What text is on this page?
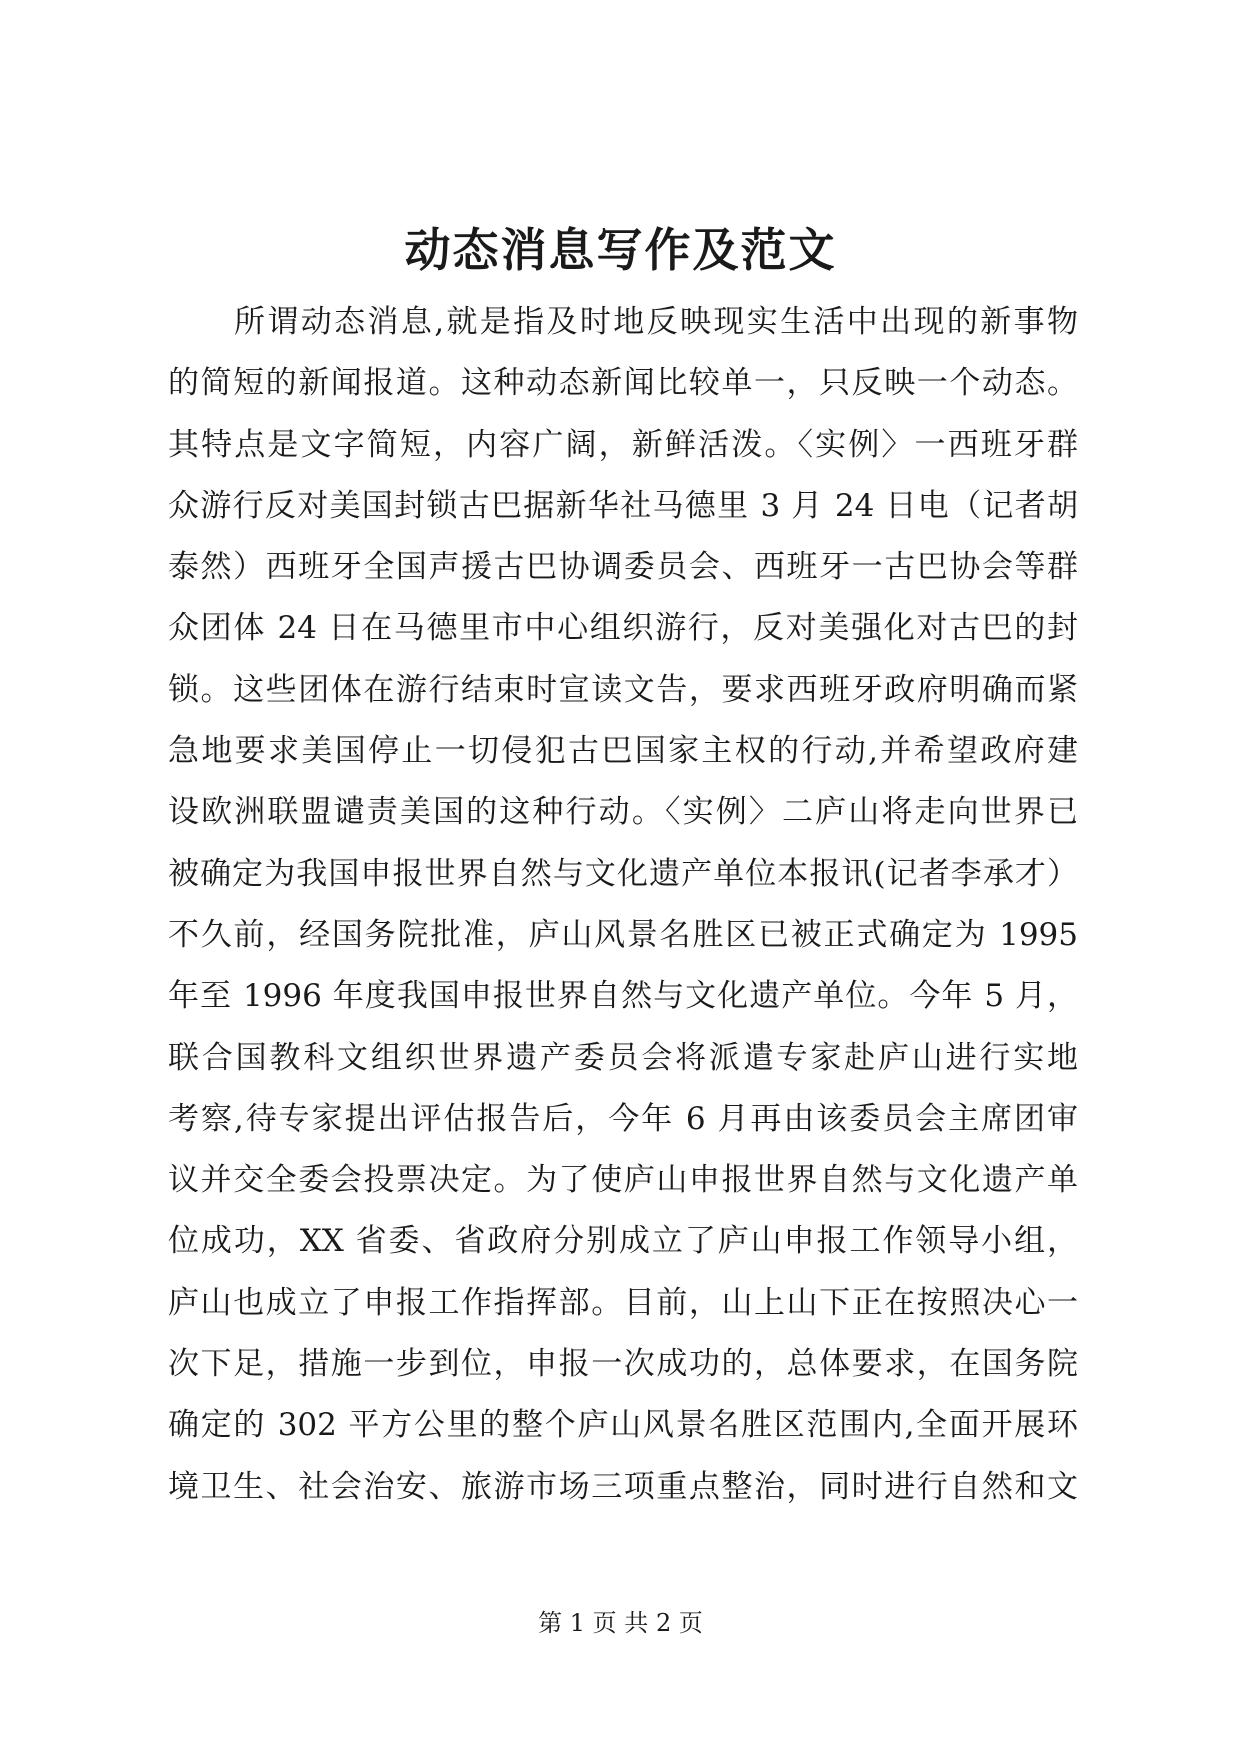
动态消息写作及范文
所谓动态消息,就是指及时地反映现实生活中出现的新事物
的简短的新闻报道。这种动态新闻比较单一，只反映一个动态。
其特点是文字简短，内容广阔，新鲜活泼。〈实例〉一西班牙群
众游行反对美国封锁古巴据新华社马德里 3 月 24 日电（记者胡
泰然）西班牙全国声援古巴协调委员会、西班牙一古巴协会等群
众团体 24 日在马德里市中心组织游行，反对美强化对古巴的封
锁。这些团体在游行结束时宣读文告，要求西班牙政府明确而紧
急地要求美国停止一切侵犯古巴国家主权的行动,并希望政府建
设欧洲联盟谴责美国的这种行动。〈实例〉二庐山将走向世界已
被确定为我国申报世界自然与文化遗产单位本报讯(记者李承才）
不久前，经国务院批准，庐山风景名胜区已被正式确定为 1995
年至 1996 年度我国申报世界自然与文化遗产单位。今年 5 月，
联合国教科文组织世界遗产委员会将派遣专家赴庐山进行实地
考察,待专家提出评估报告后，今年 6 月再由该委员会主席团审
议并交全委会投票决定。为了使庐山申报世界自然与文化遗产单
位成功，XX 省委、省政府分别成立了庐山申报工作领导小组，
庐山也成立了申报工作指挥部。目前，山上山下正在按照决心一
次下足，措施一步到位，申报一次成功的，总体要求，在国务院
确定的 302 平方公里的整个庐山风景名胜区范围内,全面开展环
境卫生、社会治安、旅游市场三项重点整治，同时进行自然和文
第 1 页 共 2 页
